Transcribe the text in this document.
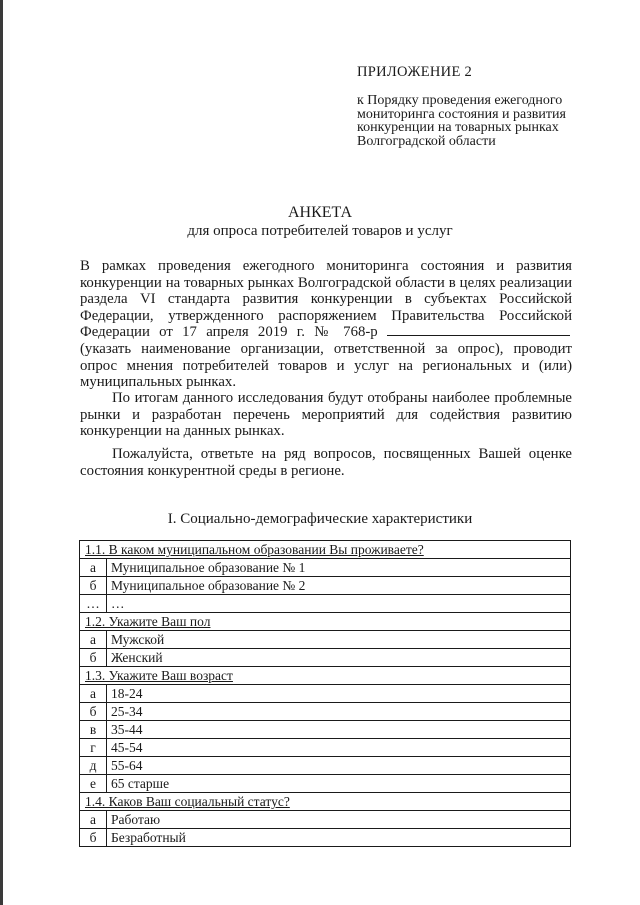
ПРИЛОЖЕНИЕ 2
к Порядку проведения ежегодного мониторинга состояния и развития конкуренции на товарных рынках Волгоградской области
АНКЕТА
для опроса потребителей товаров и услуг
В рамках проведения ежегодного мониторинга состояния и развития конкуренции на товарных рынках Волгоградской области в целях реализации раздела VI стандарта развития конкуренции в субъектах Российской Федерации, утвержденного распоряжением Правительства Российской Федерации от 17 апреля 2019 г. № 768-р (указать наименование организации, ответственной за опрос), проводит опрос мнения потребителей товаров и услуг на региональных и (или) муниципальных рынках.
По итогам данного исследования будут отобраны наиболее проблемные рынки и разработан перечень мероприятий для содействия развитию конкуренции на данных рынках.
Пожалуйста, ответьте на ряд вопросов, посвященных Вашей оценке состояния конкурентной среды в регионе.
I. Социально-демографические характеристики
1.1. В каком муниципальном образовании Вы проживаете?	
а	Муниципальное образование № 1
б	Муниципальное образование № 2
…	…
1.2. Укажите Ваш пол	
а	Мужской
б	Женский
1.3. Укажите Ваш возраст	
а	18-24
б	25-34
в	35-44
г	45-54
д	55-64
е	65 старше
1.4. Каков Ваш социальный статус?	
а	Работаю
б	Безработный
